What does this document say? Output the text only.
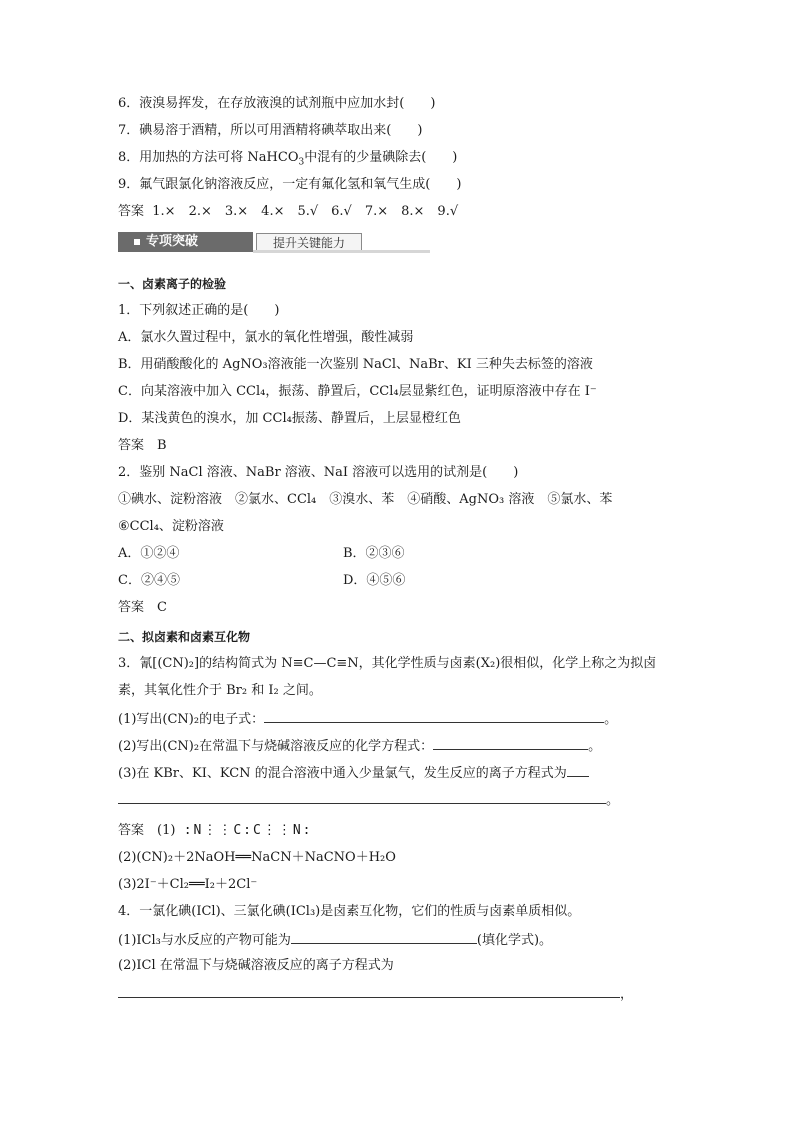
6．液溴易挥发，在存放液溴的试剂瓶中应加水封( )
7．碘易溶于酒精，所以可用酒精将碘萃取出来( )
8．用加热的方法可将 NaHCO$_3$中混有的少量碘除去( )
9．氟气跟氯化钠溶液反应，一定有氟化氢和氧气生成( )
答案 1.×　2.×　3.×　4.×　5.√　6.√　7.×　8.×　9.√
专项突破	提升关键能力
一、卤素离子的检验
1．下列叙述正确的是(　　)
A．氯水久置过程中，氯水的氧化性增强，酸性减弱
B．用硝酸酸化的 AgNO₃溶液能一次鉴别 NaCl、NaBr、KI 三种失去标签的溶液
C．向某溶液中加入 CCl₄，振荡、静置后，CCl₄层显紫红色，证明原溶液中存在 I⁻
D．某浅黄色的溴水，加 CCl₄振荡、静置后，上层显橙红色
答案　B
2．鉴别 NaCl 溶液、NaBr 溶液、NaI 溶液可以选用的试剂是(　　)
①碘水、淀粉溶液　②氯水、CCl₄　③溴水、苯　④硝酸、AgNO₃ 溶液　⑤氯水、苯
⑥CCl₄、淀粉溶液
A．①②④	B．②③⑥
C．②④⑤	D．④⑤⑥
答案　C
二、拟卤素和卤素互化物
3．氰[(CN)₂]的结构简式为 N≡C—C≡N，其化学性质与卤素(X₂)很相似，化学上称之为拟卤
素，其氧化性介于 Br₂ 和 I₂ 之间。
(1)写出(CN)₂的电子式：	。
(2)写出(CN)₂在常温下与烧碱溶液反应的化学方程式：	。
(3)在 KBr、KI、KCN 的混合溶液中通入少量氯气，发生反应的离子方程式为
。
答案　(1) ꞉N⋮⋮C꞉C⋮⋮N꞉
(2)(CN)₂＋2NaOH══NaCN＋NaCNO＋H₂O
(3)2I⁻＋Cl₂══I₂＋2Cl⁻
4．一氯化碘(ICl)、三氯化碘(ICl₃)是卤素互化物，它们的性质与卤素单质相似。
(1)ICl₃与水反应的产物可能为	(填化学式)。
(2)ICl 在常温下与烧碱溶液反应的离子方程式为
，
